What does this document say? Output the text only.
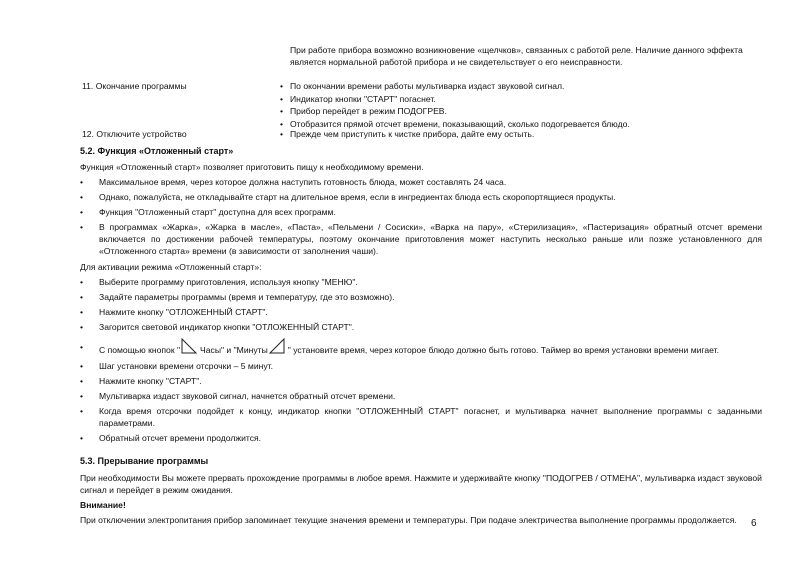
При работе прибора возможно возникновение «щелчков», связанных с работой реле. Наличие данного эффекта является нормальной работой прибора и не свидетельствует о его неисправности.

11. Окончание программы	• По окончании времени работы мультиварка издаст звуковой сигнал.
• Индикатор кнопки "СТАРТ" погаснет.
• Прибор перейдет в режим ПОДОГРЕВ.
• Отобразится прямой отсчет времени, показывающий, сколько подогревается блюдо.
12. Отключите устройство	• Прежде чем приступить к чистке прибора, дайте ему остыть.
5.2. Функция «Отложенный старт»

Функция «Отложенный старт» позволяет приготовить пищу к необходимому времени.

• Максимальное время, через которое должна наступить готовность блюда, может составлять 24 часа.
• Однако, пожалуйста, не откладывайте старт на длительное время, если в ингредиентах блюда есть скоропортящиеся продукты.
• Функция "Отложенный старт" доступна для всех программ.
• В программах «Жарка», «Жарка в масле», «Паста», «Пельмени / Сосиски», «Варка на пару», «Стерилизация», «Пастеризация» обратный отсчет времени включается по достижении рабочей температуры, поэтому окончание приготовления может наступить несколько раньше или позже установленного для «Отложенного старта» времени (в зависимости от заполнения чаши).

Для активации режима «Отложенный старт»:

• Выберите программу приготовления, используя кнопку "МЕНЮ".
• Задайте параметры программы (время и температуру, где это возможно).
• Нажмите кнопку "ОТЛОЖЕННЫЙ СТАРТ".
• Загорится световой индикатор кнопки "ОТЛОЖЕННЫЙ СТАРТ".
• С помощью кнопок " Часы" и "Минуты " установите время, через которое блюдо должно быть готово. Таймер во время установки времени мигает.
• Шаг установки времени отсрочки – 5 минут.
• Нажмите кнопку "СТАРТ".
• Мультиварка издаст звуковой сигнал, начнется обратный отсчет времени.
• Когда время отсрочки подойдет к концу, индикатор кнопки "ОТЛОЖЕННЫЙ СТАРТ" погаснет, и мультиварка начнет выполнение программы с заданными параметрами.
• Обратный отсчет времени продолжится.
5.3. Прерывание программы

При необходимости Вы можете прервать прохождение программы в любое время. Нажмите и удерживайте кнопку "ПОДОГРЕВ / ОТМЕНА", мультиварка издаст звуковой сигнал и перейдет в режим ожидания.

Внимание!

При отключении электропитания прибор запоминает текущие значения времени и температуры. При подаче электричества выполнение программы продолжается.	6
